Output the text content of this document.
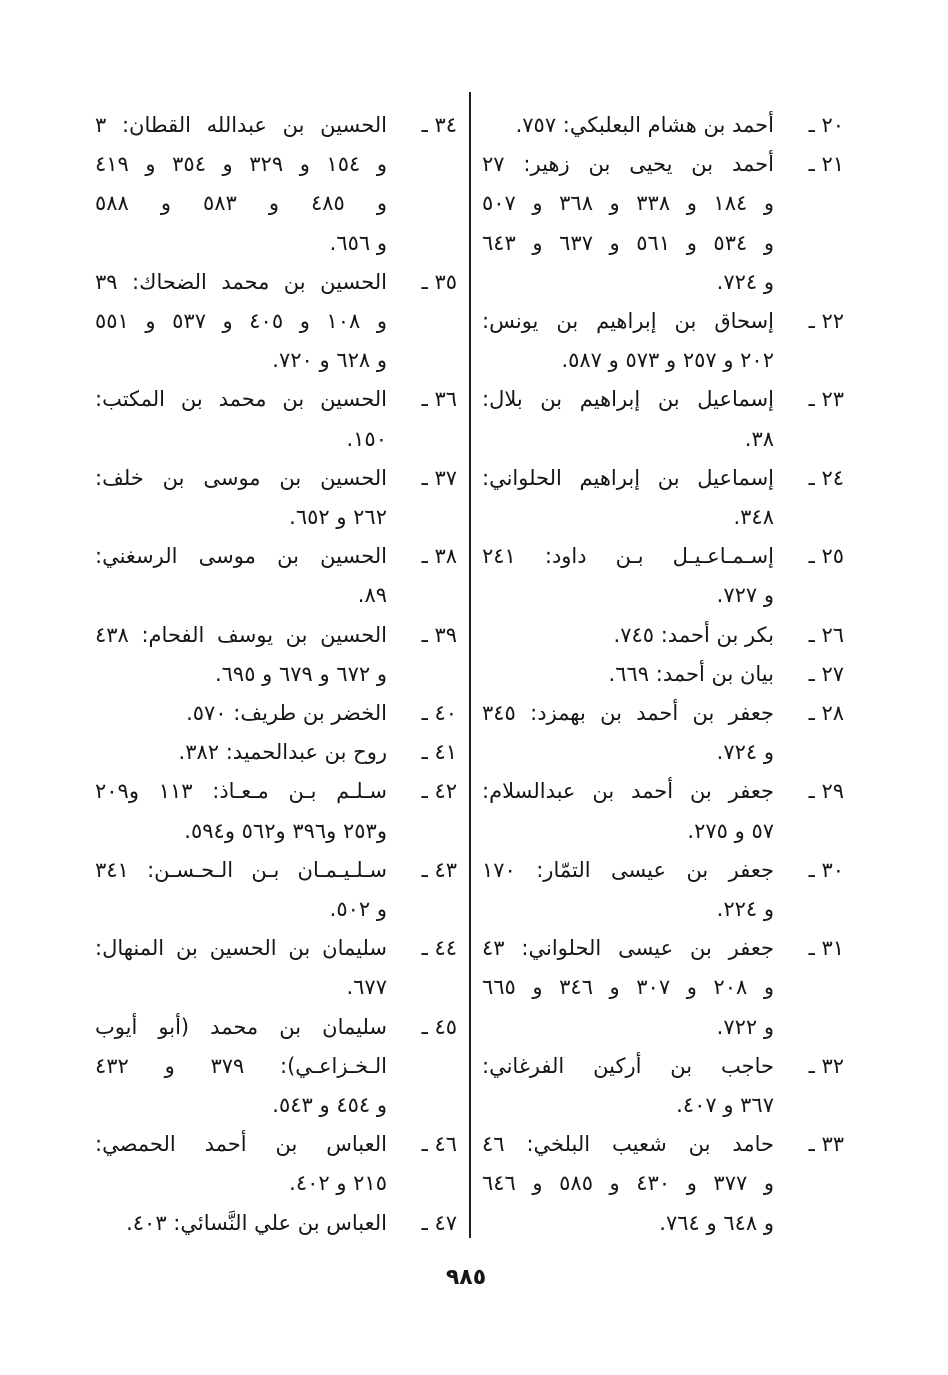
٢٠ ـ
أحمد بن هشام البعلبكي: ٧٥٧.
٢١ ـ
أحمد بن يحيى بن زهير: ٢٧
و ١٨٤ و ٣٣٨ و ٣٦٨ و ٥٠٧
و ٥٣٤ و ٥٦١ و ٦٣٧ و ٦٤٣
و ٧٢٤.
٢٢ ـ
إسحاق بن إبراهيم بن يونس:
٢٠٢ و ٢٥٧ و ٥٧٣ و ٥٨٧.
٢٣ ـ
إسماعيل بن إبراهيم بن بلال:
٣٨.
٢٤ ـ
إسماعيل بن إبراهيم الحلواني:
٣٤٨.
٢٥ ـ
إسـمـاعـيـل بـن داود: ٢٤١
و ٧٢٧.
٢٦ ـ
بكر بن أحمد: ٧٤٥.
٢٧ ـ
بيان بن أحمد: ٦٦٩.
٢٨ ـ
جعفر بن أحمد بن بهمزد: ٣٤٥
و ٧٢٤.
٢٩ ـ
جعفر بن أحمد بن عبدالسلام:
٥٧ و ٢٧٥.
٣٠ ـ
جعفر بن عيسى التمّار: ١٧٠
و ٢٢٤.
٣١ ـ
جعفر بن عيسى الحلواني: ٤٣
و ٢٠٨ و ٣٠٧ و ٣٤٦ و ٦٦٥
و ٧٢٢.
٣٢ ـ
حاجب بن أركين الفرغاني:
٣٦٧ و ٤٠٧.
٣٣ ـ
حامد بن شعيب البلخي: ٤٦
و ٣٧٧ و ٤٣٠ و ٥٨٥ و ٦٤٦
و ٦٤٨ و ٧٦٤.
٣٤ ـ
الحسين بن عبدالله القطان: ٣
و ١٥٤ و ٣٢٩ و ٣٥٤ و ٤١٩
و ٤٨٥ و ٥٨٣ و ٥٨٨
و ٦٥٦.
٣٥ ـ
الحسين بن محمد الضحاك: ٣٩
و ١٠٨ و ٤٠٥ و ٥٣٧ و ٥٥١
و ٦٢٨ و ٧٢٠.
٣٦ ـ
الحسين بن محمد بن المكتب:
١٥٠.
٣٧ ـ
الحسين بن موسى بن خلف:
٢٦٢ و ٦٥٢.
٣٨ ـ
الحسين بن موسى الرسغني:
٨٩.
٣٩ ـ
الحسين بن يوسف الفحام: ٤٣٨
و ٦٧٢ و ٦٧٩ و ٦٩٥.
٤٠ ـ
الخضر بن طريف: ٥٧٠.
٤١ ـ
روح بن عبدالحميد: ٣٨٢.
٤٢ ـ
سـلـم بـن مـعـاذ: ١١٣ و٢٠٩
و٢٥٣ و٣٩٦ و٥٦٢ و٥٩٤.
٤٣ ـ
سـلـيـمـان بـن الـحـسـن: ٣٤١
و ٥٠٢.
٤٤ ـ
سليمان بن الحسين بن المنهال:
٦٧٧.
٤٥ ـ
سليمان بن محمد (أبو أيوب
الـخـزاعـي): ٣٧٩ و ٤٣٢
و ٤٥٤ و ٥٤٣.
٤٦ ـ
العباس بن أحمد الحمصي:
٢١٥ و ٤٠٢.
٤٧ ـ
العباس بن علي النَّسائي: ٤٠٣.
٩٨٥
